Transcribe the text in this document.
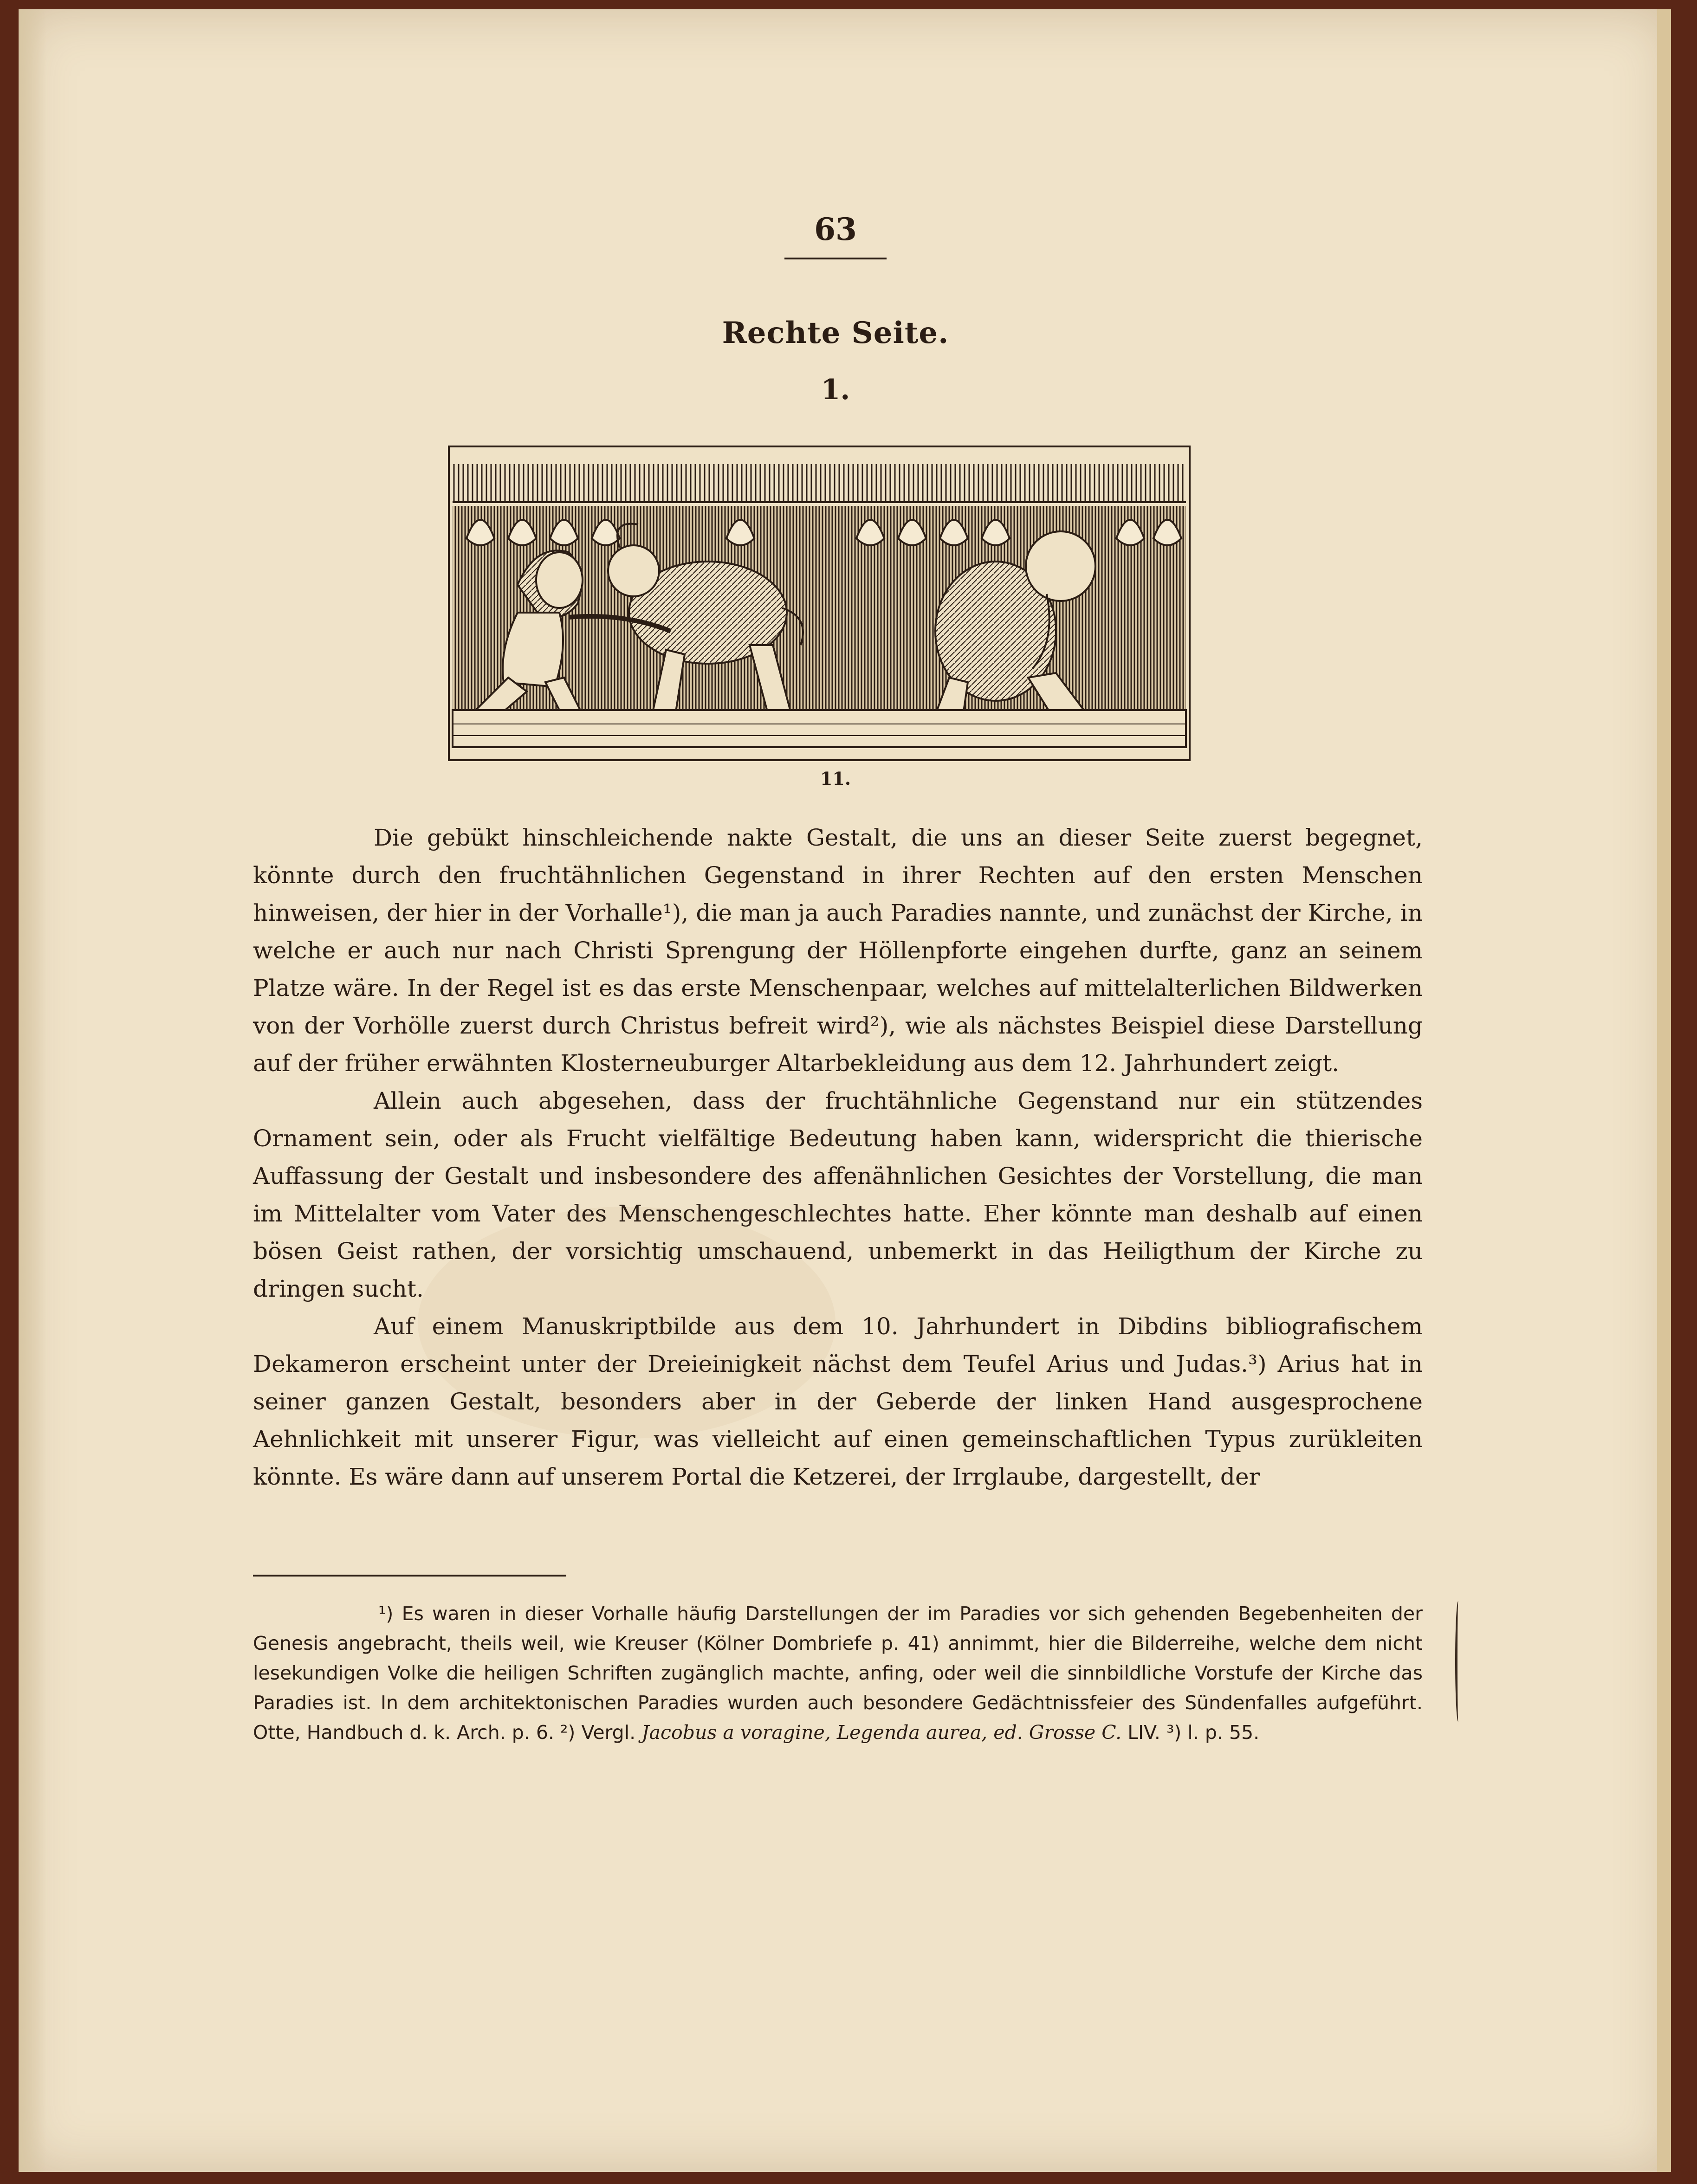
63
Rechte Seite.
1.
11.

Die gebükt hinschleichende nakte Gestalt, die uns an dieser Seite zuerst begegnet, könnte durch den fruchtähnlichen Gegenstand in ihrer Rechten auf den ersten Menschen hinweisen, der hier in der Vorhalle¹), die man ja auch Paradies nannte, und zunächst der Kirche, in welche er auch nur nach Christi Sprengung der Höllenpforte eingehen durfte, ganz an seinem Platze wäre. In der Regel ist es das erste Menschenpaar, welches auf mittelalterlichen Bildwerken von der Vorhölle zuerst durch Christus befreit wird²), wie als nächstes Beispiel diese Darstellung auf der früher erwähnten Klosterneuburger Altarbekleidung aus dem 12. Jahrhundert zeigt.

Allein auch abgesehen, dass der fruchtähnliche Gegenstand nur ein stützendes Ornament sein, oder als Frucht vielfältige Bedeutung haben kann, widerspricht die thierische Auffassung der Gestalt und insbesondere des affenähnlichen Gesichtes der Vorstellung, die man im Mittelalter vom Vater des Menschengeschlechtes hatte. Eher könnte man deshalb auf einen bösen Geist rathen, der vorsichtig umschauend, unbemerkt in das Heiligthum der Kirche zu dringen sucht.

Auf einem Manuskriptbilde aus dem 10. Jahrhundert in Dibdins bibliografischem Dekameron erscheint unter der Dreieinigkeit nächst dem Teufel Arius und Judas.³) Arius hat in seiner ganzen Gestalt, besonders aber in der Geberde der linken Hand ausgesprochene Aehnlichkeit mit unserer Figur, was vielleicht auf einen gemeinschaftlichen Typus zurükleiten könnte. Es wäre dann auf unserem Portal die Ketzerei, der Irrglaube, dargestellt, der

¹) Es waren in dieser Vorhalle häufig Darstellungen der im Paradies vor sich gehenden Begebenheiten der Genesis angebracht, theils weil, wie Kreuser (Kölner Dombriefe p. 41) annimmt, hier die Bilderreihe, welche dem nicht lesekundigen Volke die heiligen Schriften zugänglich machte, anfing, oder weil die sinnbildliche Vorstufe der Kirche das Paradies ist. In dem architektonischen Paradies wurden auch besondere Gedächtnissfeier des Sündenfalles aufgeführt. Otte, Handbuch d. k. Arch. p. 6. ²) Vergl. Jacobus a voragine, Legenda aurea, ed. Grosse C. LIV. ³) l. p. 55.
